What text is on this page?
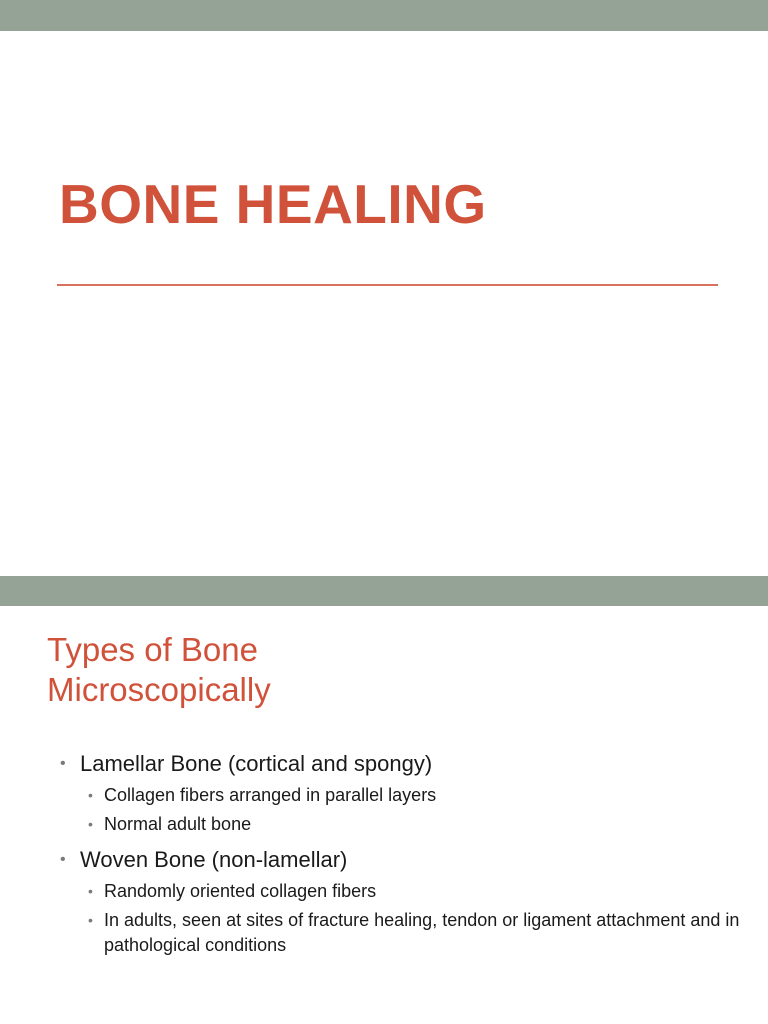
BONE HEALING
Types of Bone
Microscopically
• Lamellar Bone (cortical and spongy)
• Collagen fibers arranged in parallel layers
• Normal adult bone
• Woven Bone (non-lamellar)
• Randomly oriented collagen fibers
• In adults, seen at sites of fracture healing, tendon or ligament attachment and in pathological conditions
